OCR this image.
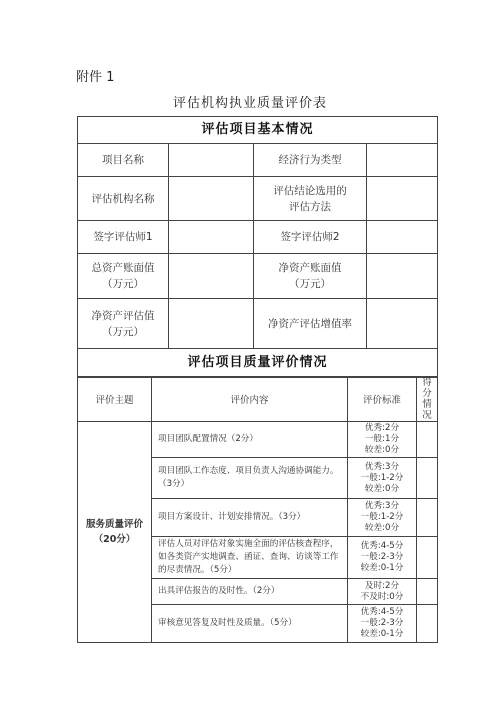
附件 1
评估机构执业质量评价表
评估项目基本情况			
项目名称		经济行为类型	
评估机构名称		评估结论选用的
评估方法	
签字评估师1		签字评估师2	
总资产账面值
（万元）		净资产账面值
（万元）	
净资产评估值
（万元）		净资产评估增值率	
评估项目质量评价情况			
评价主题	评价内容	评价标准	得
分
情
况
服务质量评价
（20分）	项目团队配置情况（2分）	优秀:2分
一般:1分
较差:0分	
	项目团队工作态度、项目负责人沟通协调能力。（3分）	优秀:3分
一般:1-2分
较差:0分	
	项目方案设计、计划安排情况。（3分）	优秀:3分
一般:1-2分
较差:0分	
	评估人员对评估对象实施全面的评估核查程序，如各类资产实地调查、函证、查询、访谈等工作的尽责情况。（5分）	优秀:4-5分
一般:2-3分
较差:0-1分	
	出具评估报告的及时性。（2分）	及时:2分
不及时:0分	
	审核意见答复及时性及质量。（5分）	优秀:4-5分
一般:2-3分
较差:0-1分	
